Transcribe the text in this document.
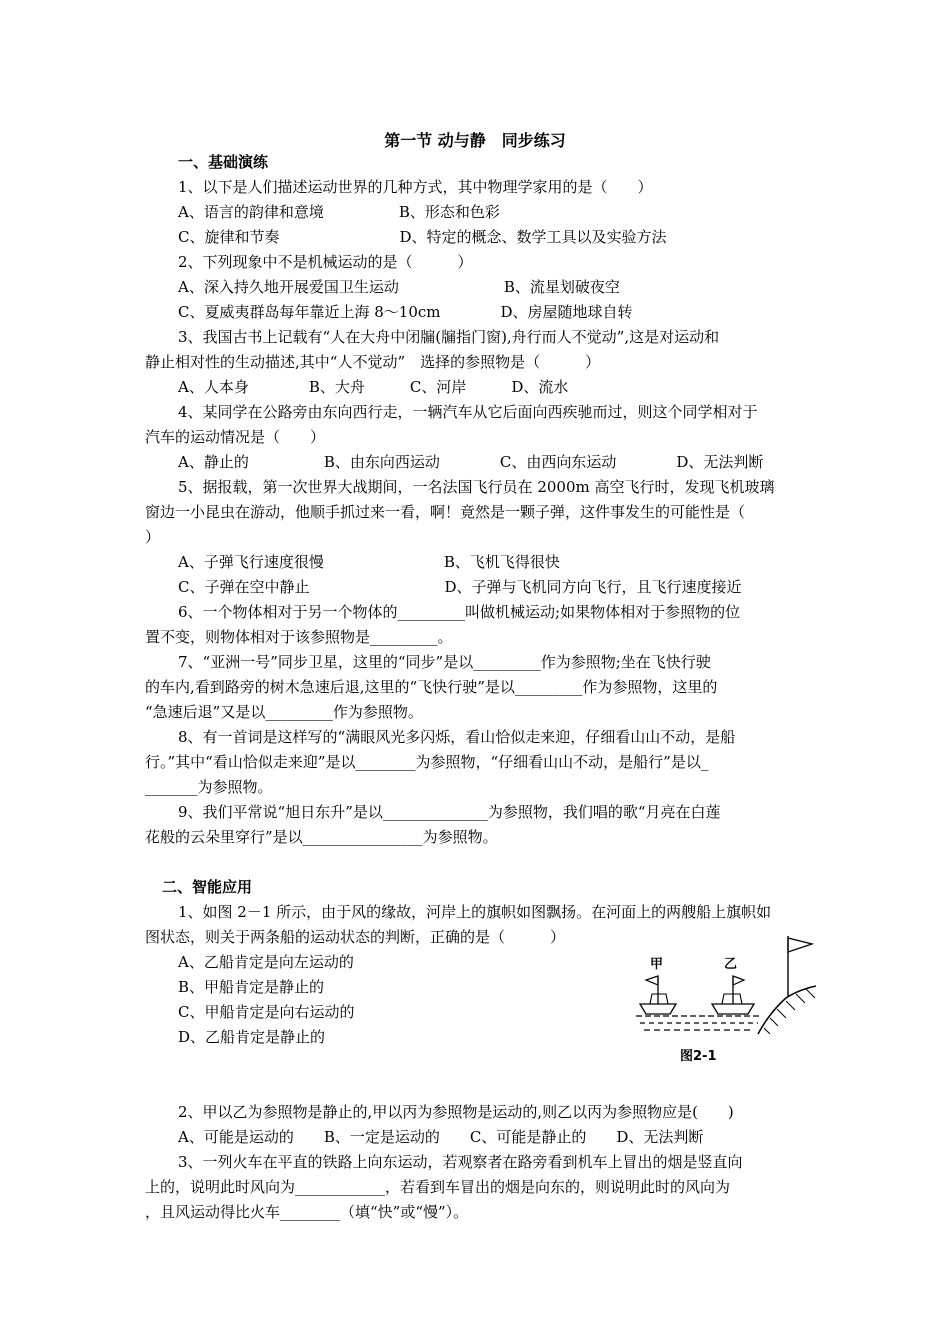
第一节 动与静　同步练习
一、基础演练
1、以下是人们描述运动世界的几种方式，其中物理学家用的是（　　）
A、语言的韵律和意境　　　　　B、形态和色彩
C、旋律和节奏　　　　　　　　D、特定的概念、数学工具以及实验方法
2、下列现象中不是机械运动的是（　　　）
A、深入持久地开展爱国卫生运动　　　　　　　B、流星划破夜空
C、夏威夷群岛每年靠近上海 8～10cm　　　　D、房屋随地球自转
3、我国古书上记载有“人在大舟中闭牖(牖指门窗),舟行而人不觉动”,这是对运动和
静止相对性的生动描述,其中“人不觉动”　选择的参照物是（　　　）
A、人本身　　　　B、大舟　　　C、河岸　　　D、流水
4、某同学在公路旁由东向西行走，一辆汽车从它后面向西疾驰而过，则这个同学相对于
汽车的运动情况是（　　）
A、静止的　　　　　B、由东向西运动　　　　C、由西向东运动　　　　D、无法判断
5、据报载，第一次世界大战期间，一名法国飞行员在 2000m 高空飞行时，发现飞机玻璃
窗边一小昆虫在游动，他顺手抓过来一看，啊！竟然是一颗子弹，这件事发生的可能性是（
）
A、子弹飞行速度很慢　　　　　　　　B、飞机飞得很快
C、子弹在空中静止　　　　　　　　　D、子弹与飞机同方向飞行，且飞行速度接近
6、一个物体相对于另一个物体的_________叫做机械运动;如果物体相对于参照物的位
置不变，则物体相对于该参照物是_________。
7、“亚洲一号”同步卫星，这里的“同步”是以_________作为参照物;坐在飞快行驶
的车内,看到路旁的树木急速后退,这里的“飞快行驶”是以_________作为参照物，这里的
“急速后退”又是以_________作为参照物。
8、有一首词是这样写的“满眼风光多闪烁，看山恰似走来迎，仔细看山山不动，是船
行。”其中“看山恰似走来迎”是以________为参照物，“仔细看山山不动，是船行”是以_
_______为参照物。
9、我们平常说“旭日东升”是以______________为参照物，我们唱的歌“月亮在白莲
花般的云朵里穿行”是以________________为参照物。
二、智能应用
1、如图 2－1 所示，由于风的缘故，河岸上的旗帜如图飘扬。在河面上的两艘船上旗帜如
图状态，则关于两条船的运动状态的判断，正确的是（　　　）
A、乙船肯定是向左运动的
B、甲船肯定是静止的
C、甲船肯定是向右运动的
D、乙船肯定是静止的
2、甲以乙为参照物是静止的,甲以丙为参照物是运动的,则乙以丙为参照物应是(　　)
A、可能是运动的　　B、一定是运动的　　C、可能是静止的　　D、无法判断
3、一列火车在平直的铁路上向东运动，若观察者在路旁看到机车上冒出的烟是竖直向
上的，说明此时风向为____________，若看到车冒出的烟是向东的，则说明此时的风向为
，且风运动得比火车________（填“快”或“慢”）。
甲	乙
图2-1
